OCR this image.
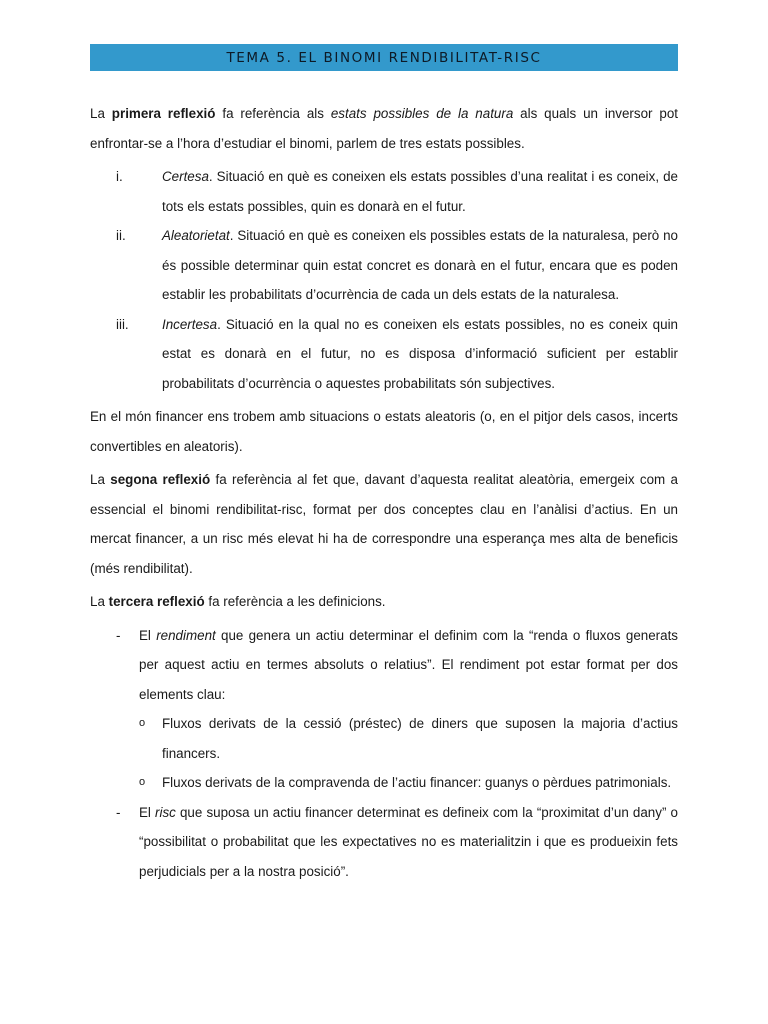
TEMA 5. EL BINOMI RENDIBILITAT-RISC

La primera reflexió fa referència als estats possibles de la natura als quals un inversor pot enfrontar-se a l’hora d’estudiar el binomi, parlem de tres estats possibles.

i.	Certesa. Situació en què es coneixen els estats possibles d’una realitat i es coneix, de tots els estats possibles, quin es donarà en el futur.
ii.	Aleatorietat. Situació en què es coneixen els possibles estats de la naturalesa, però no és possible determinar quin estat concret es donarà en el futur, encara que es poden establir les probabilitats d’ocurrència de cada un dels estats de la naturalesa.
iii. Incertesa. Situació en la qual no es coneixen els estats possibles, no es coneix quin estat es donarà en el futur, no es disposa d’informació suficient per establir probabilitats d’ocurrència o aquestes probabilitats són subjectives.

En el món financer ens trobem amb situacions o estats aleatoris (o, en el pitjor dels casos, incerts convertibles en aleatoris).

La segona reflexió fa referència al fet que, davant d’aquesta realitat aleatòria, emergeix com a essencial el binomi rendibilitat-risc, format per dos conceptes clau en l’anàlisi d’actius. En un mercat financer, a un risc més elevat hi ha de correspondre una esperança mes alta de beneficis (més rendibilitat).

La tercera reflexió fa referència a les definicions.

- El rendiment que genera un actiu determinar el definim com la “renda o fluxos generats per aquest actiu en termes absoluts o relatius”. El rendiment pot estar format per dos elements clau:
o Fluxos derivats de la cessió (préstec) de diners que suposen la majoria d’actius financers.
o Fluxos derivats de la compravenda de l’actiu financer: guanys o pèrdues patrimonials.
- El risc que suposa un actiu financer determinat es defineix com la “proximitat d’un dany” o “possibilitat o probabilitat que les expectatives no es materialitzin i que es produeixin fets perjudicials per a la nostra posició”.
